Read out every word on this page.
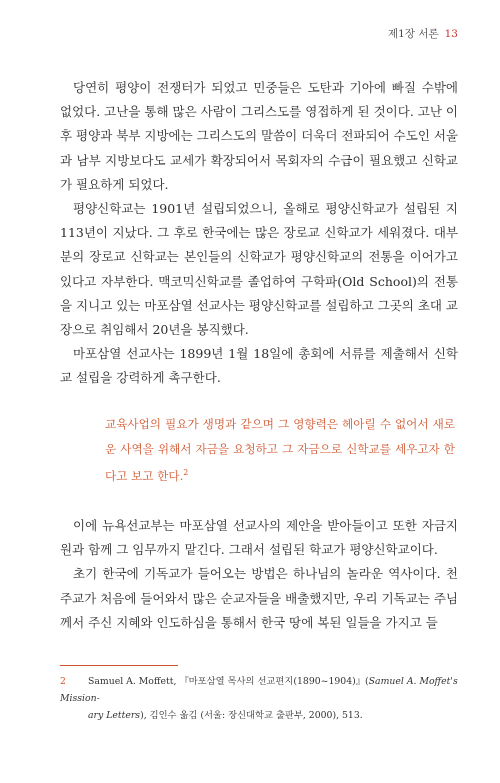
제1장 서론 13

당연히 평양이 전쟁터가 되었고 민중들은 도탄과 기아에 빠질 수밖에 없었다. 고난을 통해 많은 사람이 그리스도를 영접하게 된 것이다. 고난 이후 평양과 북부 지방에는 그리스도의 말씀이 더욱더 전파되어 수도인 서울과 남부 지방보다도 교세가 확장되어서 목회자의 수급이 필요했고 신학교가 필요하게 되었다.

평양신학교는 1901년 설립되었으니, 올해로 평양신학교가 설립된 지 113년이 지났다. 그 후로 한국에는 많은 장로교 신학교가 세워졌다. 대부분의 장로교 신학교는 본인들의 신학교가 평양신학교의 전통을 이어가고 있다고 자부한다. 맥코믹신학교를 졸업하여 구학파(Old School)의 전통을 지니고 있는 마포삼열 선교사는 평양신학교를 설립하고 그곳의 초대 교장으로 취임해서 20년을 봉직했다.

마포삼열 선교사는 1899년 1월 18일에 총회에 서류를 제출해서 신학교 설립을 강력하게 촉구한다.

교육사업의 필요가 생명과 같으며 그 영향력은 헤아릴 수 없어서 새로운 사역을 위해서 자금을 요청하고 그 자금으로 신학교를 세우고자 한다고 보고 한다.$^2$

이에 뉴욕선교부는 마포삼열 선교사의 제안을 받아들이고 또한 자금지원과 함께 그 임무까지 맡긴다. 그래서 설립된 학교가 평양신학교이다.

초기 한국에 기독교가 들어오는 방법은 하나님의 놀라운 역사이다. 천주교가 처음에 들어와서 많은 순교자들을 배출했지만, 우리 기독교는 주님께서 주신 지혜와 인도하심을 통해서 한국 땅에 복된 일들을 가지고 들

2 Samuel A. Moffett, 『마포삼열 목사의 선교편지(1890~1904)』(Samuel A. Moffet's Mission-
ary Letters), 김인수 옮김 (서울: 장신대학교 출판부, 2000), 513.
